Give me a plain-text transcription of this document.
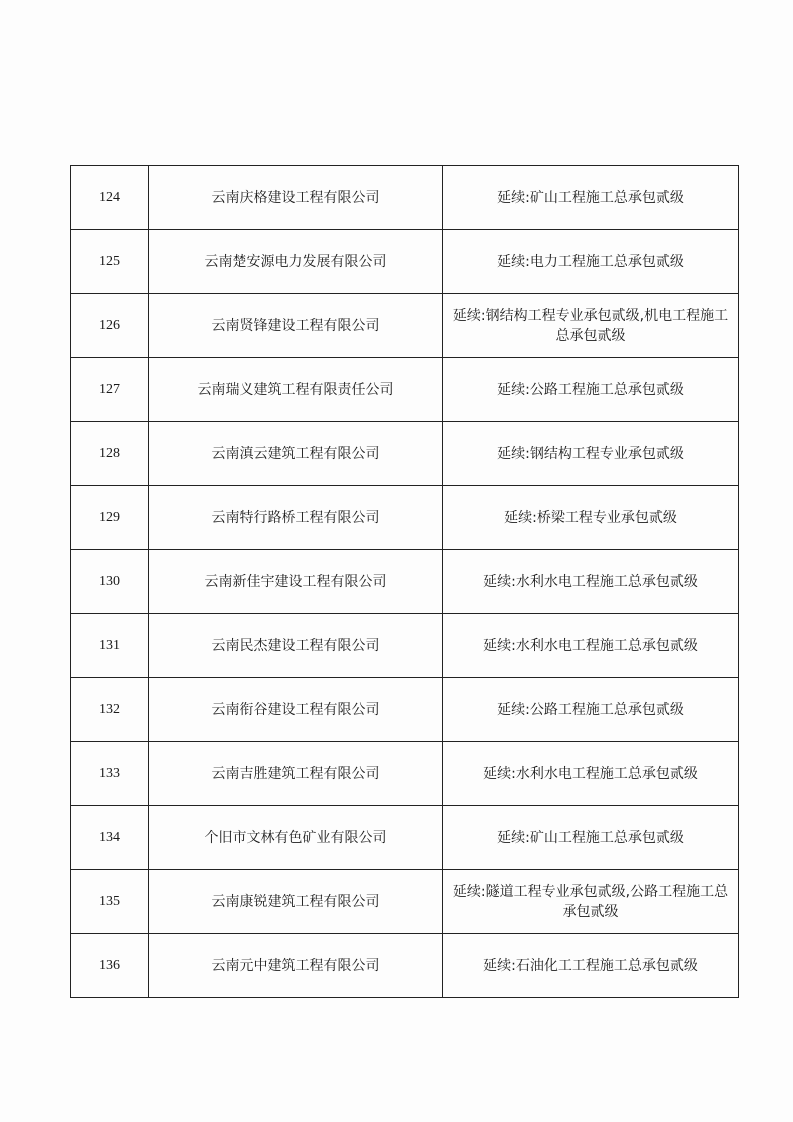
124	云南庆格建设工程有限公司	延续:矿山工程施工总承包贰级
125	云南楚安源电力发展有限公司	延续:电力工程施工总承包贰级
126	云南贤锋建设工程有限公司	延续:钢结构工程专业承包贰级,机电工程施工总承包贰级
127	云南瑞义建筑工程有限责任公司	延续:公路工程施工总承包贰级
128	云南滇云建筑工程有限公司	延续:钢结构工程专业承包贰级
129	云南特行路桥工程有限公司	延续:桥梁工程专业承包贰级
130	云南新佳宇建设工程有限公司	延续:水利水电工程施工总承包贰级
131	云南民杰建设工程有限公司	延续:水利水电工程施工总承包贰级
132	云南衔谷建设工程有限公司	延续:公路工程施工总承包贰级
133	云南吉胜建筑工程有限公司	延续:水利水电工程施工总承包贰级
134	个旧市文林有色矿业有限公司	延续:矿山工程施工总承包贰级
135	云南康锐建筑工程有限公司	延续:隧道工程专业承包贰级,公路工程施工总承包贰级
136	云南元中建筑工程有限公司	延续:石油化工工程施工总承包贰级
